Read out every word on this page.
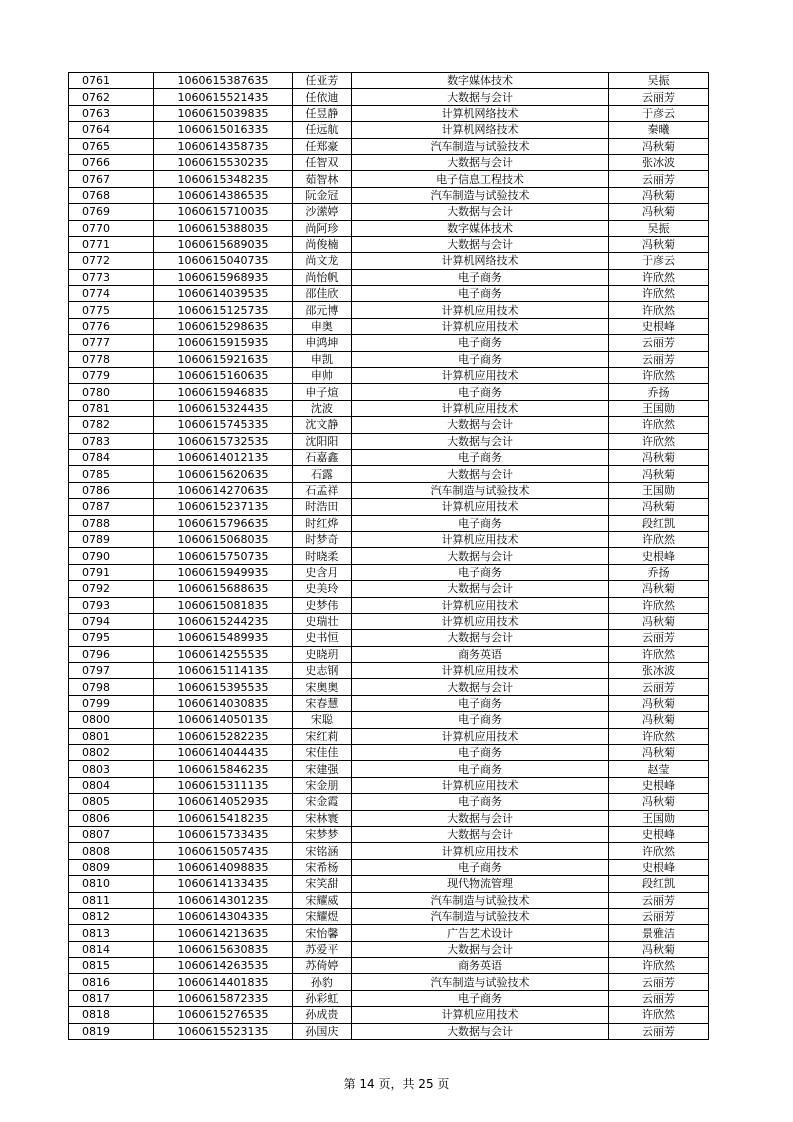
0761	1060615387635	任亚芳	数字媒体技术	吴振
0762	1060615521435	任依迪	大数据与会计	云丽芳
0763	1060615039835	任昱静	计算机网络技术	于彦云
0764	1060615016335	任远航	计算机网络技术	秦曦
0765	1060614358735	任郑豪	汽车制造与试验技术	冯秋菊
0766	1060615530235	任智双	大数据与会计	张冰波
0767	1060615348235	茹智林	电子信息工程技术	云丽芳
0768	1060614386535	阮金冠	汽车制造与试验技术	冯秋菊
0769	1060615710035	沙潆婷	大数据与会计	冯秋菊
0770	1060615388035	尚阿珍	数字媒体技术	吴振
0771	1060615689035	尚俊楠	大数据与会计	冯秋菊
0772	1060615040735	尚文龙	计算机网络技术	于彦云
0773	1060615968935	尚怡帆	电子商务	许欣然
0774	1060614039535	邵佳欣	电子商务	许欣然
0775	1060615125735	邵元博	计算机应用技术	许欣然
0776	1060615298635	申奥	计算机应用技术	史根峰
0777	1060615915935	申鸿坤	电子商务	云丽芳
0778	1060615921635	申凯	电子商务	云丽芳
0779	1060615160635	申帅	计算机应用技术	许欣然
0780	1060615946835	申子煊	电子商务	乔扬
0781	1060615324435	沈波	计算机应用技术	王国勋
0782	1060615745335	沈文静	大数据与会计	许欣然
0783	1060615732535	沈阳阳	大数据与会计	许欣然
0784	1060614012135	石嘉鑫	电子商务	冯秋菊
0785	1060615620635	石露	大数据与会计	冯秋菊
0786	1060614270635	石孟祥	汽车制造与试验技术	王国勋
0787	1060615237135	时浩田	计算机应用技术	冯秋菊
0788	1060615796635	时红烨	电子商务	段红凯
0789	1060615068035	时梦奇	计算机应用技术	许欣然
0790	1060615750735	时晓柔	大数据与会计	史根峰
0791	1060615949935	史含月	电子商务	乔扬
0792	1060615688635	史美玲	大数据与会计	冯秋菊
0793	1060615081835	史梦伟	计算机应用技术	许欣然
0794	1060615244235	史瑞壮	计算机应用技术	冯秋菊
0795	1060615489935	史书恒	大数据与会计	云丽芳
0796	1060614255535	史晓玥	商务英语	许欣然
0797	1060615114135	史志钢	计算机应用技术	张冰波
0798	1060615395535	宋奥奥	大数据与会计	云丽芳
0799	1060614030835	宋春慧	电子商务	冯秋菊
0800	1060614050135	宋聪	电子商务	冯秋菊
0801	1060615282235	宋红莉	计算机应用技术	许欣然
0802	1060614044435	宋佳佳	电子商务	冯秋菊
0803	1060615846235	宋建强	电子商务	赵莹
0804	1060615311135	宋金朋	计算机应用技术	史根峰
0805	1060614052935	宋金霞	电子商务	冯秋菊
0806	1060615418235	宋林寰	大数据与会计	王国勋
0807	1060615733435	宋梦梦	大数据与会计	史根峰
0808	1060615057435	宋铭涵	计算机应用技术	许欣然
0809	1060614098835	宋希杨	电子商务	史根峰
0810	1060614133435	宋笑甜	现代物流管理	段红凯
0811	1060614301235	宋耀威	汽车制造与试验技术	云丽芳
0812	1060614304335	宋耀煜	汽车制造与试验技术	云丽芳
0813	1060614213635	宋怡馨	广告艺术设计	景雅洁
0814	1060615630835	苏爱平	大数据与会计	冯秋菊
0815	1060614263535	苏倚婷	商务英语	许欣然
0816	1060614401835	孙豹	汽车制造与试验技术	云丽芳
0817	1060615872335	孙彩虹	电子商务	云丽芳
0818	1060615276535	孙成贵	计算机应用技术	许欣然
0819	1060615523135	孙国庆	大数据与会计	云丽芳
第 14 页，共 25 页
